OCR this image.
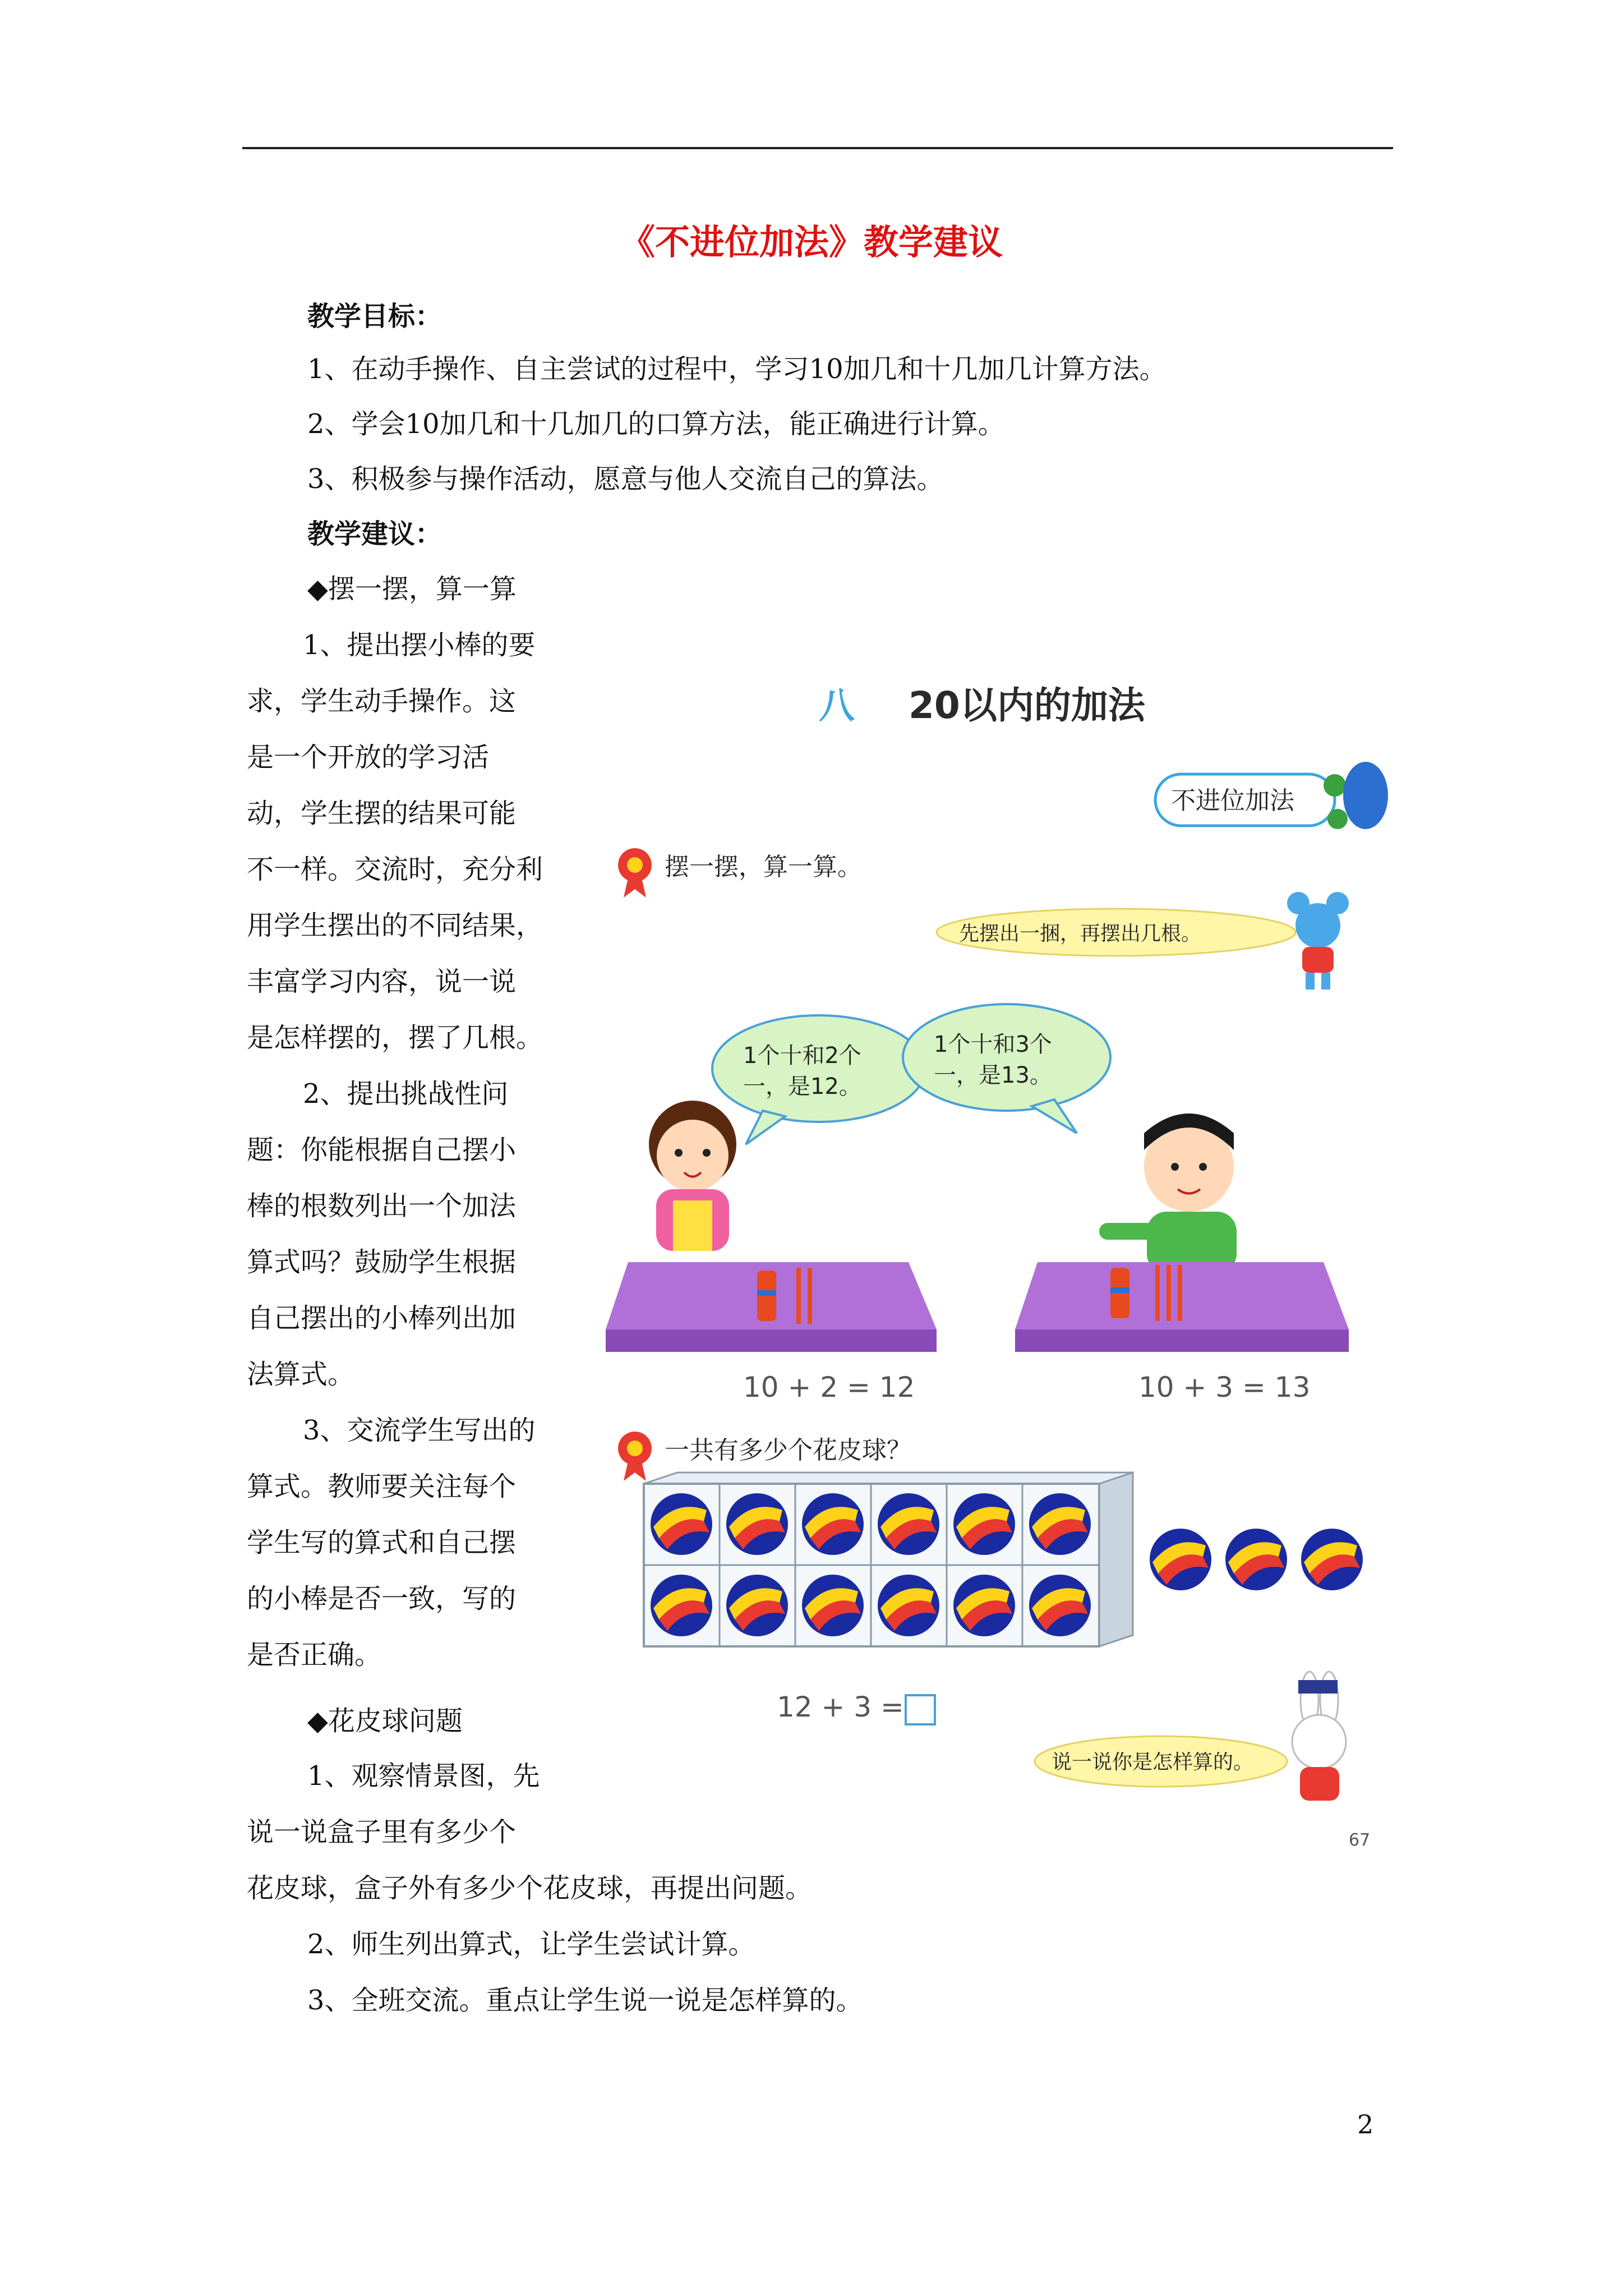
《不进位加法》教学建议
教学目标：
1、在动手操作、自主尝试的过程中，学习10加几和十几加几计算方法。
2、学会10加几和十几加几的口算方法，能正确进行计算。
3、积极参与操作活动，愿意与他人交流自己的算法。
教学建议：
◆摆一摆，算一算
1、提出摆小棒的要
求，学生动手操作。这
是一个开放的学习活
动，学生摆的结果可能
不一样。交流时，充分利
用学生摆出的不同结果，
丰富学习内容，说一说
是怎样摆的，摆了几根。
2、提出挑战性问
题：你能根据自己摆小
棒的根数列出一个加法
算式吗？鼓励学生根据
自己摆出的小棒列出加
法算式。
3、交流学生写出的
算式。教师要关注每个
学生写的算式和自己摆
的小棒是否一致，写的
是否正确。
◆花皮球问题
1、观察情景图，先
说一说盒子里有多少个
花皮球，盒子外有多少个花皮球，再提出问题。
2、师生列出算式，让学生尝试计算。
3、全班交流。重点让学生说一说是怎样算的。
八 20以内的加法
不进位加法
摆一摆，算一算。
先摆出一捆，再摆出几根。
1个十和2个
一，是12。
1个十和3个
一，是13。
10 + 2 = 12	10 + 3 = 13
一共有多少个花皮球？
12 + 3 =
说一说你是怎样算的。
67
2
